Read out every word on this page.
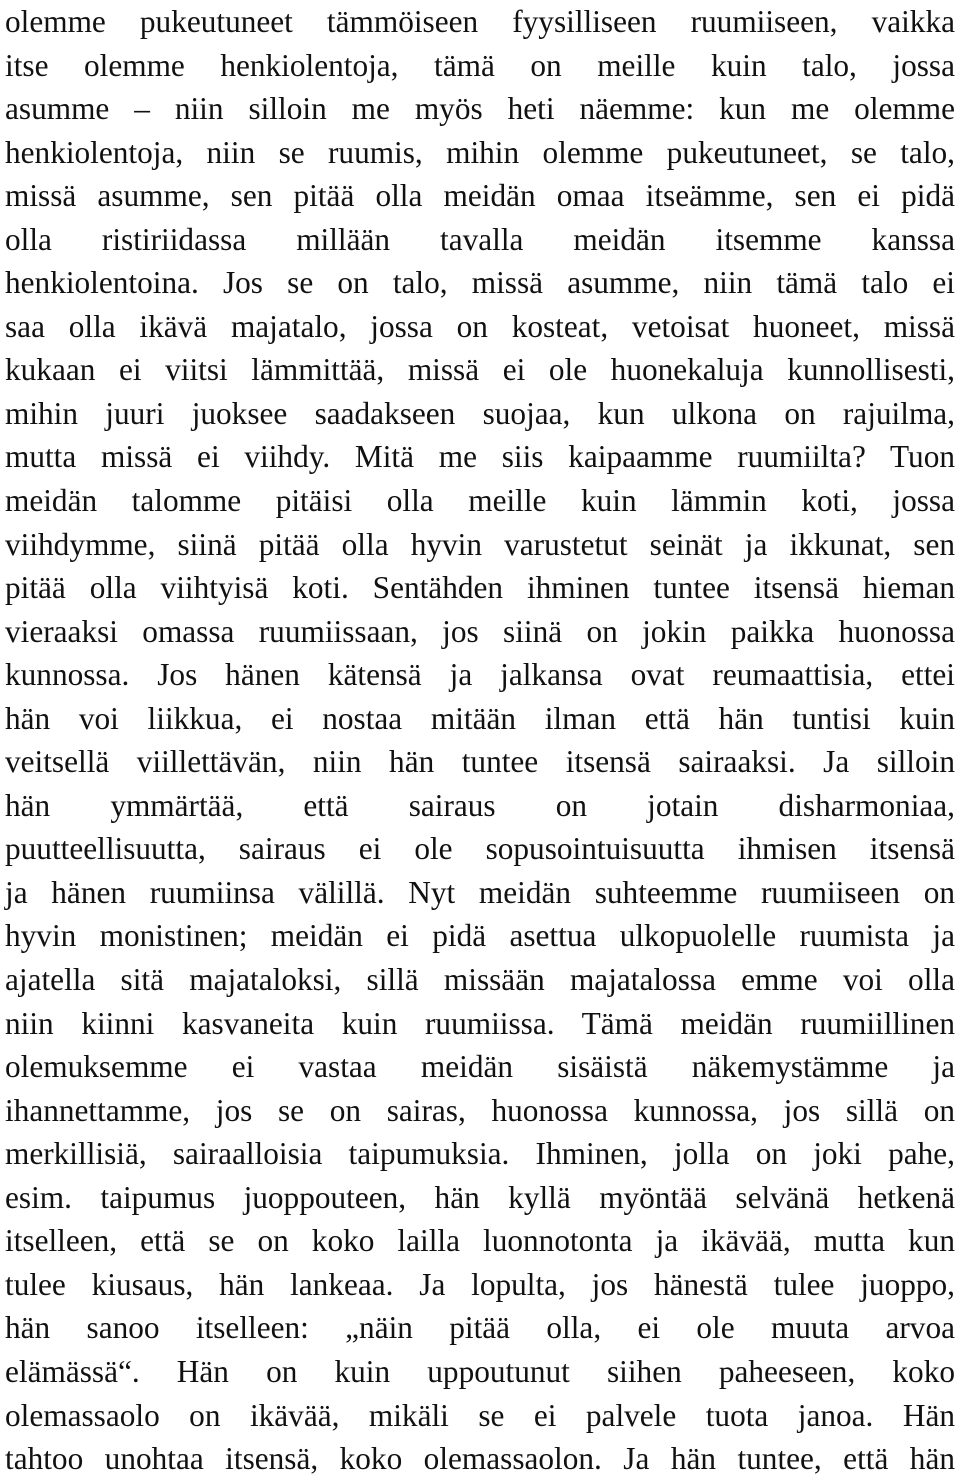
olemme pukeutuneet tämmöiseen fyysilliseen ruumiiseen, vaikka
itse olemme henkiolentoja, tämä on meille kuin talo, jossa
asumme – niin silloin me myös heti näemme: kun me olemme
henkiolentoja, niin se ruumis, mihin olemme pukeutuneet, se talo,
missä asumme, sen pitää olla meidän omaa itseämme, sen ei pidä
olla ristiriidassa millään tavalla meidän itsemme kanssa
henkiolentoina. Jos se on talo, missä asumme, niin tämä talo ei
saa olla ikävä majatalo, jossa on kosteat, vetoisat huoneet, missä
kukaan ei viitsi lämmittää, missä ei ole huonekaluja kunnollisesti,
mihin juuri juoksee saadakseen suojaa, kun ulkona on rajuilma,
mutta missä ei viihdy. Mitä me siis kaipaamme ruumiilta? Tuon
meidän talomme pitäisi olla meille kuin lämmin koti, jossa
viihdymme, siinä pitää olla hyvin varustetut seinät ja ikkunat, sen
pitää olla viihtyisä koti. Sentähden ihminen tuntee itsensä hieman
vieraaksi omassa ruumiissaan, jos siinä on jokin paikka huonossa
kunnossa. Jos hänen kätensä ja jalkansa ovat reumaattisia, ettei
hän voi liikkua, ei nostaa mitään ilman että hän tuntisi kuin
veitsellä viillettävän, niin hän tuntee itsensä sairaaksi. Ja silloin
hän ymmärtää, että sairaus on jotain disharmoniaa,
puutteellisuutta, sairaus ei ole sopusointuisuutta ihmisen itsensä
ja hänen ruumiinsa välillä. Nyt meidän suhteemme ruumiiseen on
hyvin monistinen; meidän ei pidä asettua ulkopuolelle ruumista ja
ajatella sitä majataloksi, sillä missään majatalossa emme voi olla
niin kiinni kasvaneita kuin ruumiissa. Tämä meidän ruumiillinen
olemuksemme ei vastaa meidän sisäistä näkemystämme ja
ihannettamme, jos se on sairas, huonossa kunnossa, jos sillä on
merkillisiä, sairaalloisia taipumuksia. Ihminen, jolla on joki pahe,
esim. taipumus juoppouteen, hän kyllä myöntää selvänä hetkenä
itselleen, että se on koko lailla luonnotonta ja ikävää, mutta kun
tulee kiusaus, hän lankeaa. Ja lopulta, jos hänestä tulee juoppo,
hän sanoo itselleen: „näin pitää olla, ei ole muuta arvoa
elämässä“. Hän on kuin uppoutunut siihen paheeseen, koko
olemassaolo on ikävää, mikäli se ei palvele tuota janoa. Hän
tahtoo unohtaa itsensä, koko olemassaolon. Ja hän tuntee, että hän
